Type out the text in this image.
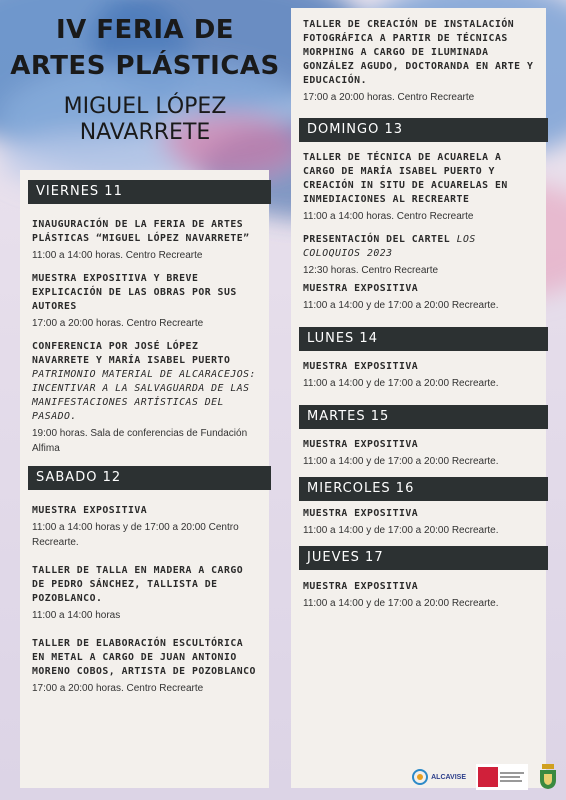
IV FERIA DE
ARTES PLÁSTICAS
MIGUEL LÓPEZ
NAVARRETE
VIERNES 11
INAUGURACIÓN DE LA FERIA DE ARTES PLÁSTICAS “MIGUEL LÓPEZ NAVARRETE”
11:00 a 14:00 horas. Centro Recrearte
MUESTRA EXPOSITIVA Y BREVE EXPLICACIÓN DE LAS OBRAS POR SUS AUTORES
17:00 a 20:00 horas. Centro Recrearte
CONFERENCIA POR JOSÉ LÓPEZ NAVARRETE Y MARÍA ISABEL PUERTO PATRIMONIO MATERIAL DE ALCARACEJOS: INCENTIVAR A LA SALVAGUARDA DE LAS MANIFESTACIONES ARTÍSTICAS DEL PASADO.
19:00 horas. Sala de conferencias de Fundación Alfima
SABADO 12
MUESTRA EXPOSITIVA
11:00 a 14:00 horas y de 17:00 a 20:00 Centro Recrearte.
TALLER DE TALLA EN MADERA A CARGO DE PEDRO SÁNCHEZ, TALLISTA DE POZOBLANCO.
11:00 a 14:00 horas
TALLER DE ELABORACIÓN ESCULTÓRICA EN METAL A CARGO DE JUAN ANTONIO MORENO COBOS, ARTISTA DE POZOBLANCO
17:00 a 20:00 horas. Centro Recrearte
TALLER DE CREACIÓN DE INSTALACIÓN FOTOGRÁFICA A PARTIR DE TÉCNICAS MORPHING A CARGO DE ILUMINADA GONZÁLEZ AGUDO, DOCTORANDA EN ARTE Y EDUCACIÓN.
17:00 a 20:00 horas. Centro Recrearte
DOMINGO 13
TALLER DE TÉCNICA DE ACUARELA A CARGO DE MARÍA ISABEL PUERTO Y CREACIÓN IN SITU DE ACUARELAS EN INMEDIACIONES AL RECREARTE
11:00 a 14:00 horas. Centro Recrearte
PRESENTACIÓN DEL CARTEL LOS COLOQUIOS 2023
12:30 horas. Centro Recrearte
MUESTRA EXPOSITIVA
11:00 a 14:00 y de 17:00 a 20:00 Recrearte.
LUNES 14
MUESTRA EXPOSITIVA
11:00 a 14:00 y de 17:00 a 20:00 Recrearte.
MARTES 15
MUESTRA EXPOSITIVA
11:00 a 14:00 y de 17:00 a 20:00 Recrearte.
MIERCOLES 16
MUESTRA EXPOSITIVA
11:00 a 14:00 y de 17:00 a 20:00 Recrearte.
JUEVES 17
MUESTRA EXPOSITIVA
11:00 a 14:00 y de 17:00 a 20:00 Recrearte.
ALCAVISE
